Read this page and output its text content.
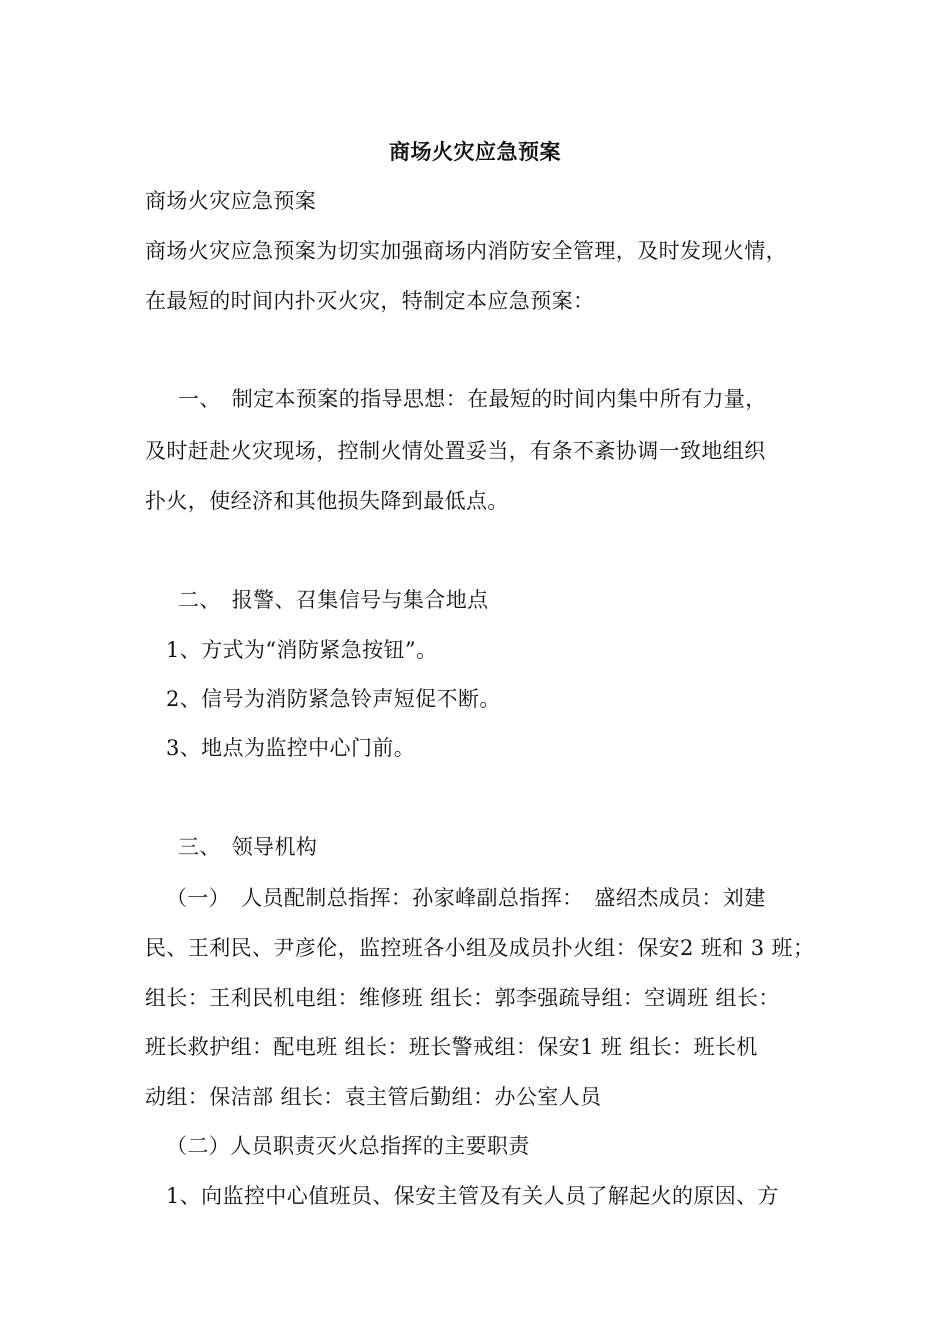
商场火灾应急预案
商场火灾应急预案
商场火灾应急预案为切实加强商场内消防安全管理，及时发现火情，
在最短的时间内扑灭火灾，特制定本应急预案：
一、　制定本预案的指导思想：在最短的时间内集中所有力量，
及时赶赴火灾现场，控制火情处置妥当，有条不紊协调一致地组织
扑火，使经济和其他损失降到最低点。
二、　报警、召集信号与集合地点
1、方式为“消防紧急按钮”。
2、信号为消防紧急铃声短促不断。
3、地点为监控中心门前。
三、　领导机构
（一）　人员配制总指挥：孙家峰副总指挥：　盛绍杰成员：刘建
民、王利民、尹彦伦，监控班各小组及成员扑火组：保安2 班和 3 班；
组长：王利民机电组：维修班 组长：郭李强疏导组：空调班 组长：
班长救护组：配电班 组长：班长警戒组：保安1 班 组长：班长机
动组：保洁部 组长：袁主管后勤组：办公室人员
（二）人员职责灭火总指挥的主要职责
1、向监控中心值班员、保安主管及有关人员了解起火的原因、方
